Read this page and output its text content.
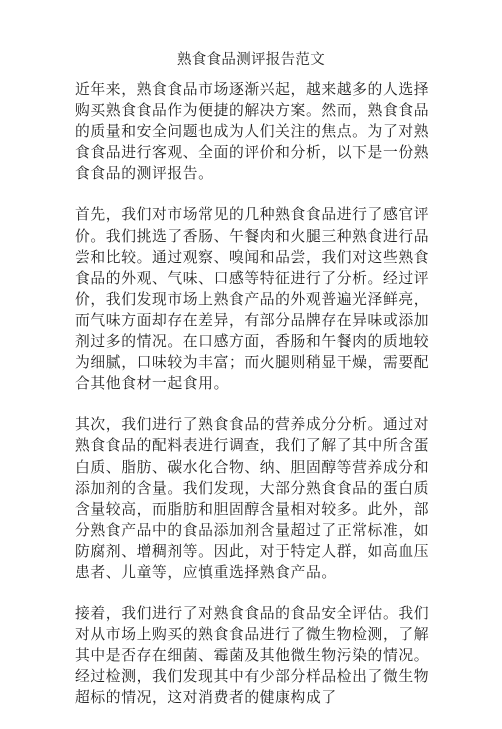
熟食食品测评报告范文

近年来，熟食食品市场逐渐兴起，越来越多的人选择购买熟食食品作为便捷的解决方案。然而，熟食食品的质量和安全问题也成为人们关注的焦点。为了对熟食食品进行客观、全面的评价和分析，以下是一份熟食食品的测评报告。

首先，我们对市场常见的几种熟食食品进行了感官评价。我们挑选了香肠、午餐肉和火腿三种熟食进行品尝和比较。通过观察、嗅闻和品尝，我们对这些熟食食品的外观、气味、口感等特征进行了分析。经过评价，我们发现市场上熟食产品的外观普遍光泽鲜亮，而气味方面却存在差异，有部分品牌存在异味或添加剂过多的情况。在口感方面，香肠和午餐肉的质地较为细腻，口味较为丰富；而火腿则稍显干燥，需要配合其他食材一起食用。

其次，我们进行了熟食食品的营养成分分析。通过对熟食食品的配料表进行调查，我们了解了其中所含蛋白质、脂肪、碳水化合物、纳、胆固醇等营养成分和添加剂的含量。我们发现，大部分熟食食品的蛋白质含量较高，而脂肪和胆固醇含量相对较多。此外，部分熟食产品中的食品添加剂含量超过了正常标准，如防腐剂、增稠剂等。因此，对于特定人群，如高血压患者、儿童等，应慎重选择熟食产品。

接着，我们进行了对熟食食品的食品安全评估。我们对从市场上购买的熟食食品进行了微生物检测，了解其中是否存在细菌、霉菌及其他微生物污染的情况。经过检测，我们发现其中有少部分样品检出了微生物超标的情况，这对消费者的健康构成了
